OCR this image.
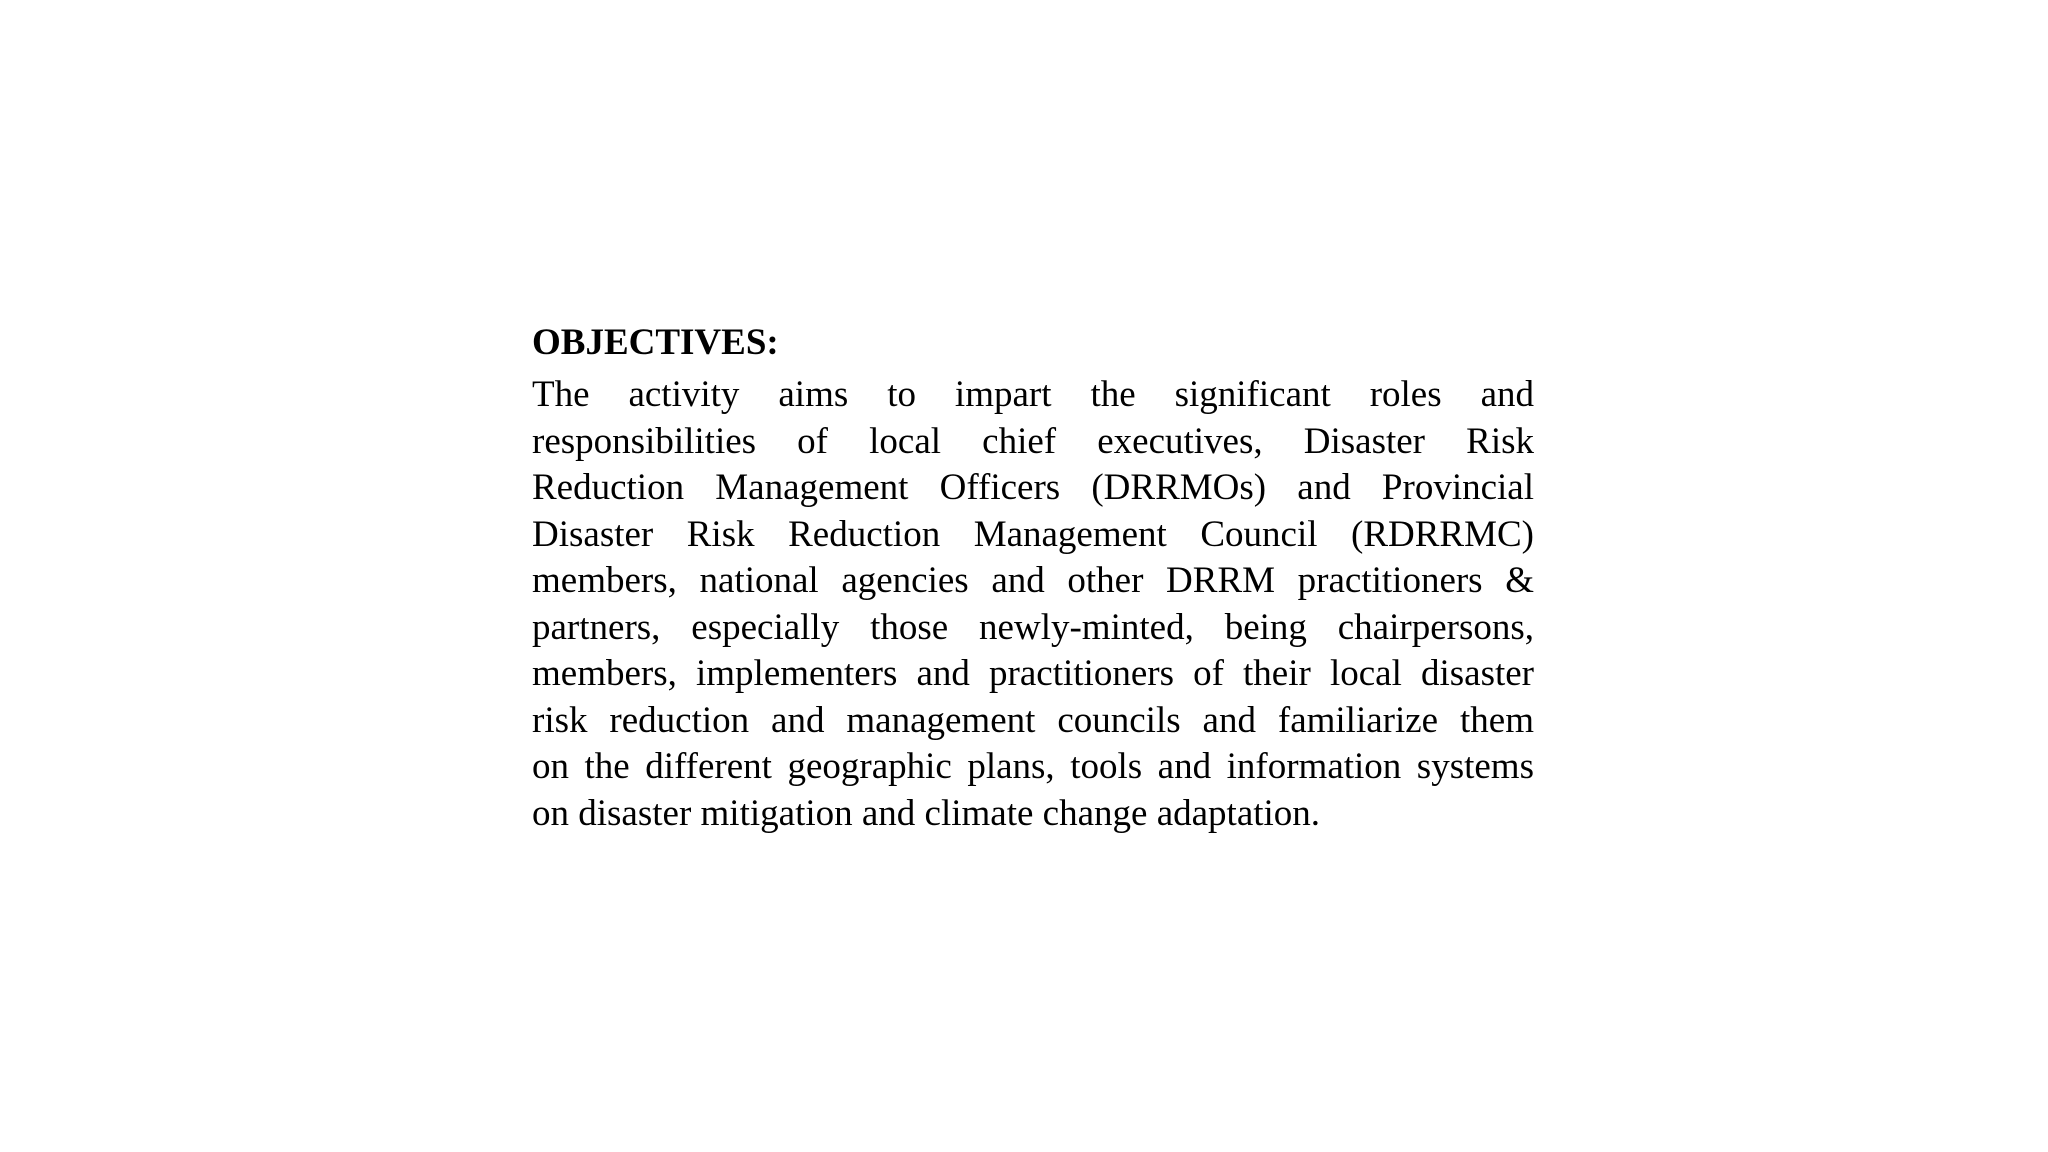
OBJECTIVES:
The activity aims to impart the significant roles and
responsibilities of local chief executives, Disaster Risk
Reduction Management Officers (DRRMOs) and Provincial
Disaster Risk Reduction Management Council (RDRRMC)
members, national agencies and other DRRM practitioners &
partners, especially those newly-minted, being chairpersons,
members, implementers and practitioners of their local disaster
risk reduction and management councils and familiarize them
on the different geographic plans, tools and information systems
on disaster mitigation and climate change adaptation.
